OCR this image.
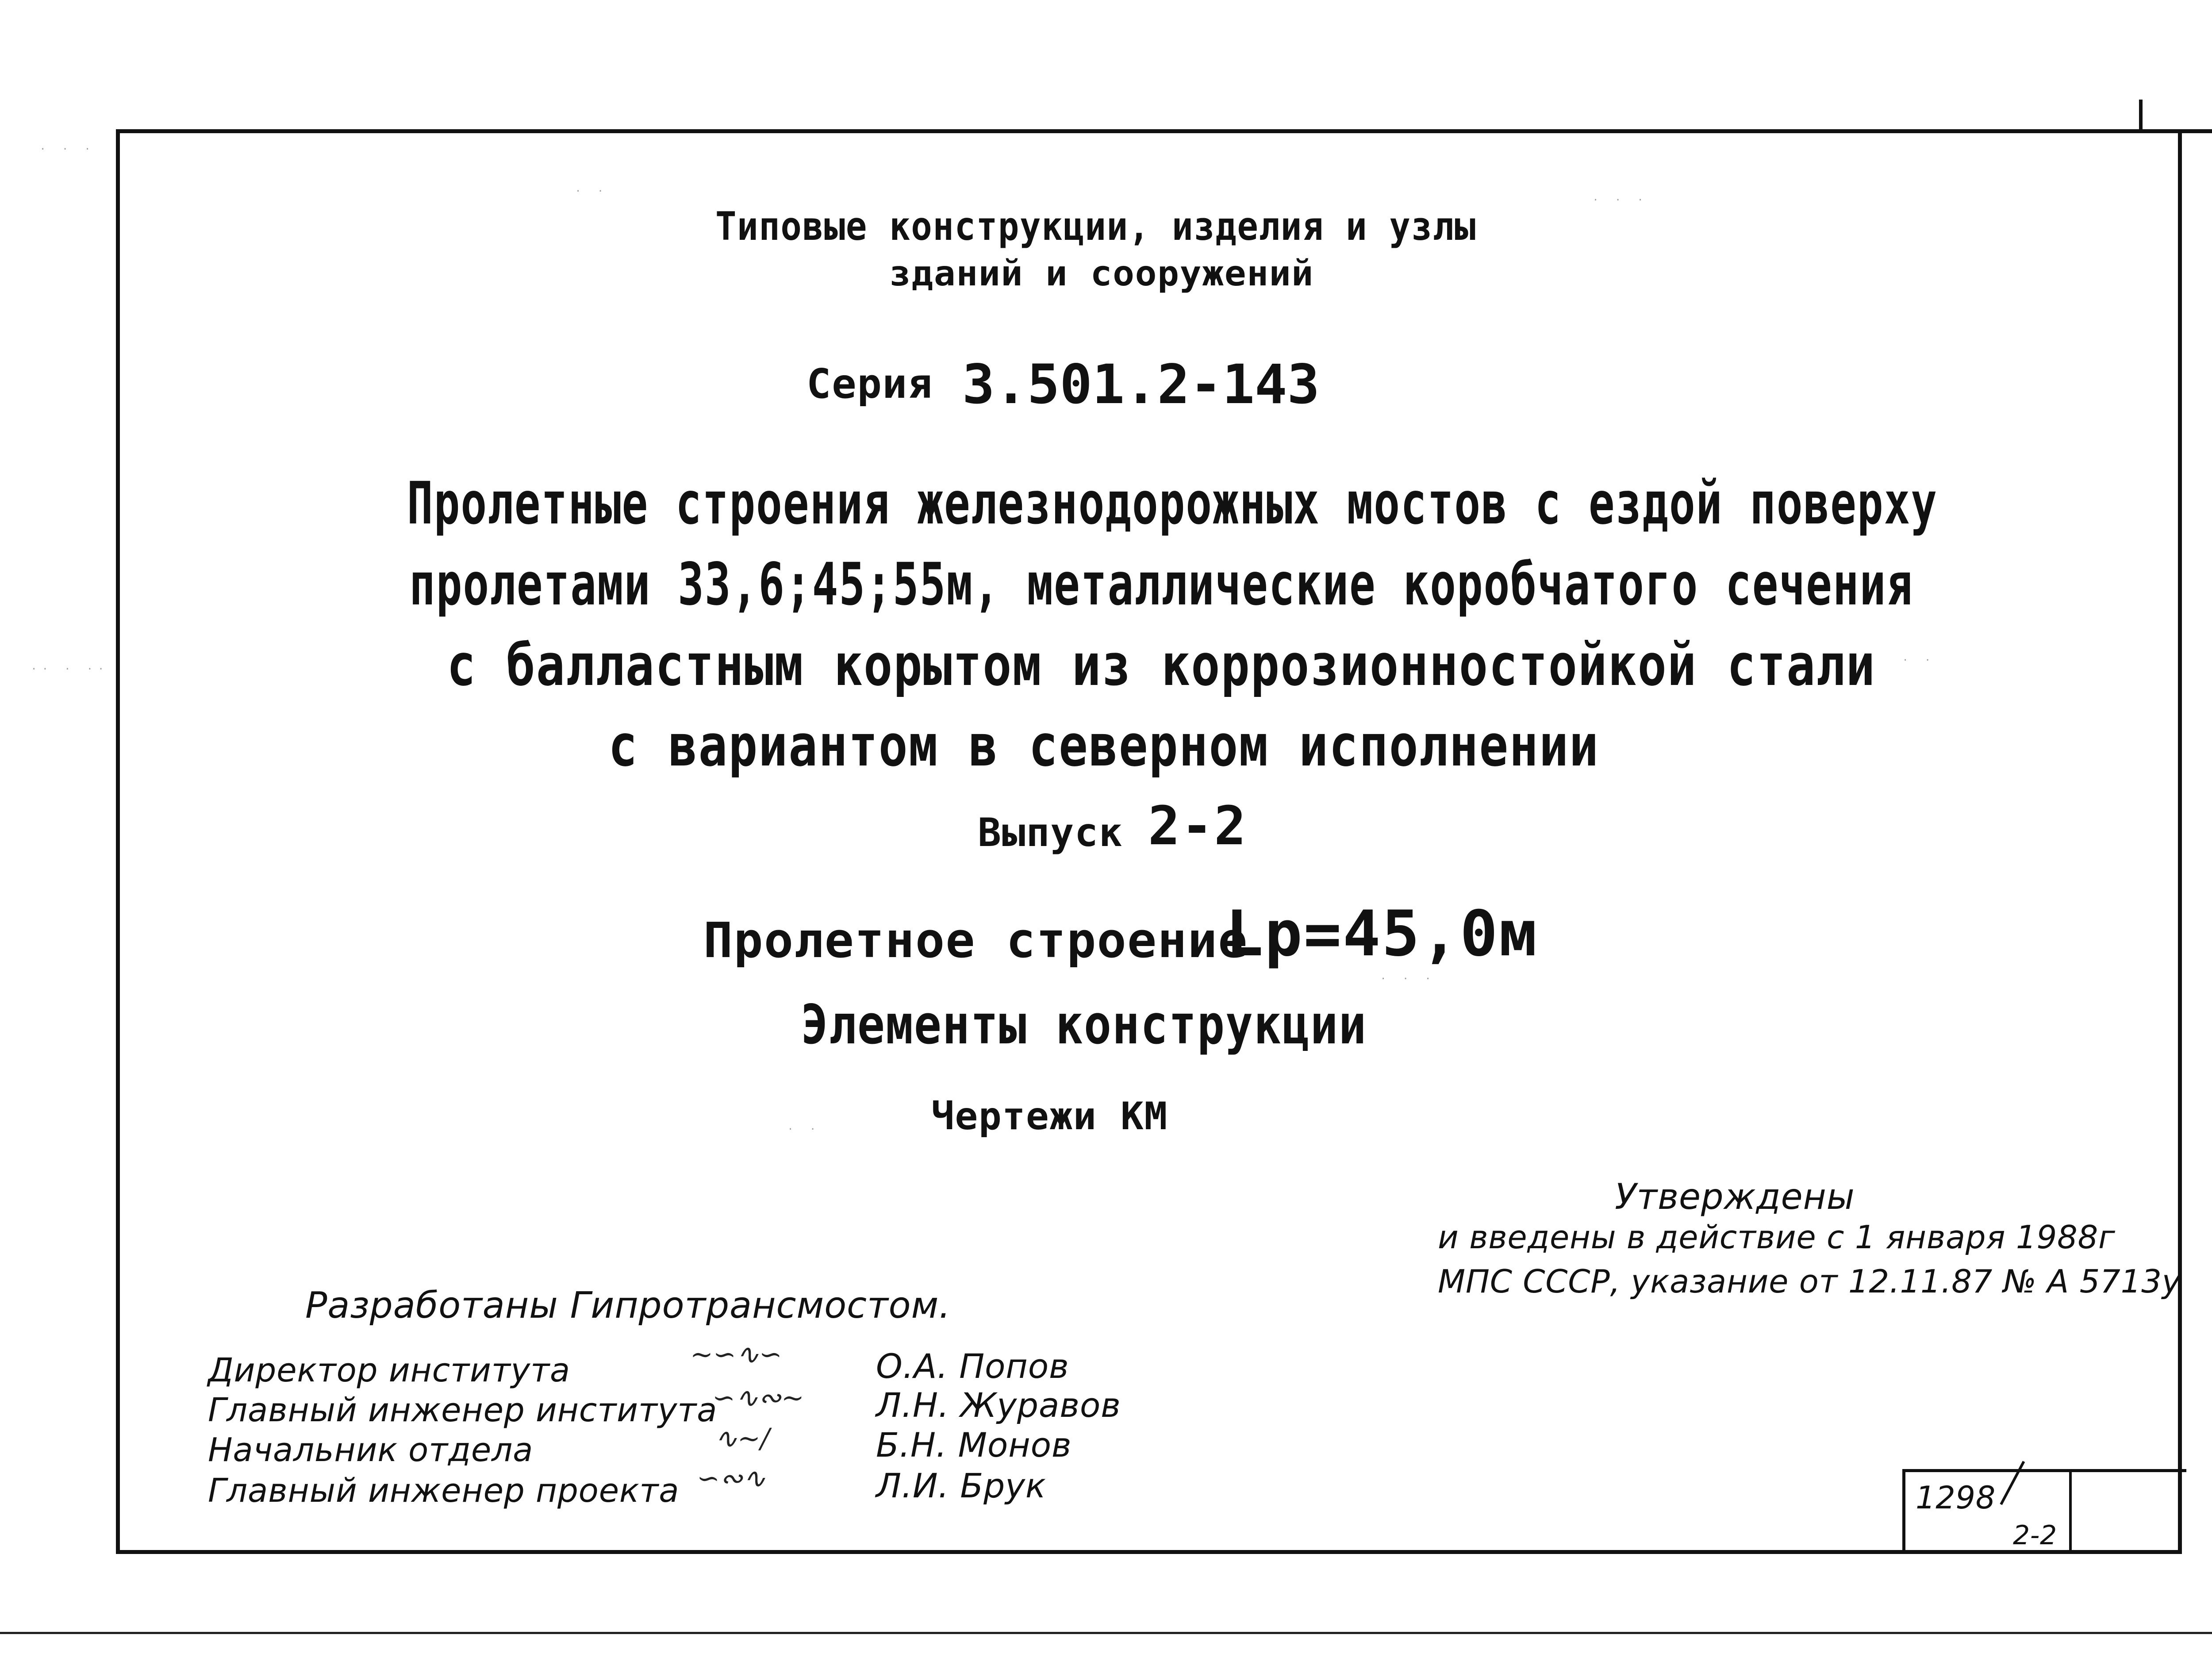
Типовые конструкции, изделия и узлы
зданий и сооружений
Серия 3.501.2-143
Пролетные строения железнодорожных мостов с ездой поверху
пролетами 33,6;45;55м, металлические коробчатого сечения
с балластным корытом из коррозионностойкой стали
с вариантом в северном исполнении
Выпуск 2-2
Пролетное строение
Lp=45,0м
Элементы конструкции
Чертежи КМ
Утверждены
и введены в действие с 1 января 1988г
МПС СССР, указание от 12.11.87 № А 5713у
Разработаны Гипротрансмостом.
Директор института
Главный инженер института
Начальник отдела
Главный инженер проекта
∼∽∿∽
∽∿∾∼
∿∼∕
∽∾∿
О.А. Попов
Л.Н. Журавов
Б.Н. Монов
Л.И. Брук	1298
2-2
· · ·
·· · ··
· ·
· · ·
· ·
· · ·
· ·
